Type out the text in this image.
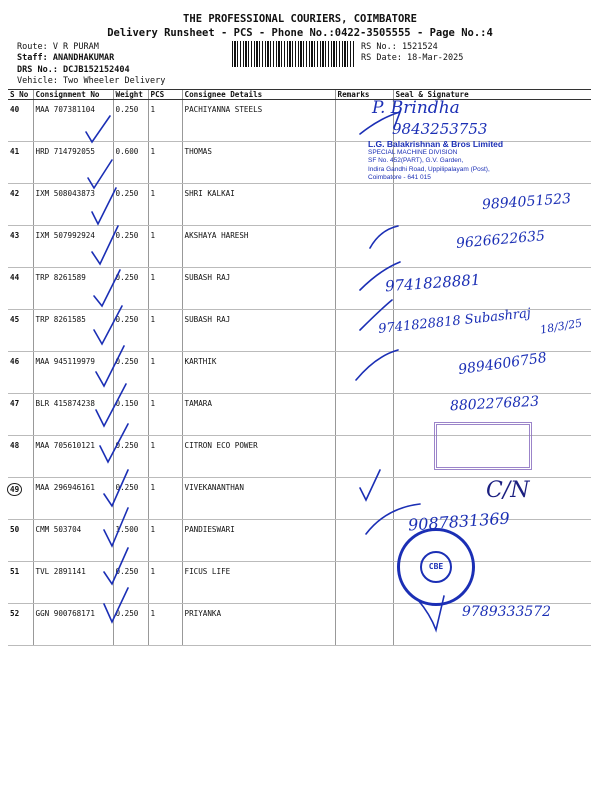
THE PROFESSIONAL COURIERS, COIMBATORE
Delivery Runsheet - PCS - Phone No.:0422-3505555 - Page No.:4
Route: V R PURAM
Staff: ANANDHAKUMAR
DRS No.: DCJB152152404
Vehicle: Two Wheeler Delivery
RS No.: 1521524
RS Date: 18-Mar-2025
S No	Consignment No	Weight	PCS	Consignee Details	Remarks	Seal & Signature
40	MAA 707381104	0.250	1	PACHIYANNA STEELS		
41	HRD 714792055	0.600	1	THOMAS		
42	IXM 508043873	0.250	1	SHRI KALKAI		
43	IXM 507992924	0.250	1	AKSHAYA HARESH		
44	TRP 8261589	0.250	1	SUBASH RAJ		
45	TRP 8261585	0.250	1	SUBASH RAJ		
46	MAA 945119979	0.250	1	KARTHIK		
47	BLR 415874238	0.150	1	TAMARA		
48	MAA 705610121	0.250	1	CITRON ECO POWER		
49	MAA 296946161	0.250	1	VIVEKANANTHAN		
50	CMM 503704	1.500	1	PANDIESWARI		
51	TVL 2891141	0.250	1	FICUS LIFE		
52	GGN 900768171	0.250	1	PRIYANKA		
L.G. Balakrishnan & Bros Limited
SPECIAL MACHINE DIVISION
SF No. 452(PART), G.V. Garden,
Indira Gandhi Road, Uppilipalayam (Post),
Coimbatore - 641 015
P. Brindha
9843253753
9894051523
9626622635
9741828881
9741828818 Subashraj 18/3/25
9894606758
8802276823
C/N
9087831369
9789333572
CBE
